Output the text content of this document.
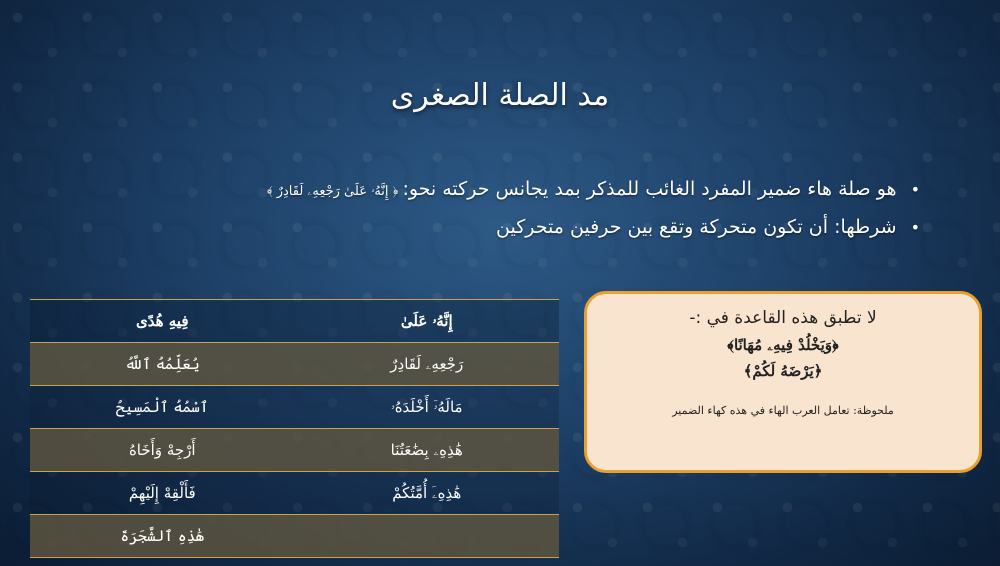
مد الصلة الصغرى
•
هو صلة هاء ضمير المفرد الغائب للمذكر بمد يجانس حركته نحو:
﴿ إِنَّهُۥ عَلَىٰ رَجْعِهِۦ لَقَادِرٌ ﴾
•
شرطها: أن تكون متحركة وتقع بين حرفين متحركين
إِنَّهُۥ عَلَىٰ	فِيهِ هُدًى
رَجْعِهِۦ لَقَادِرٌ	يُعَلِّمُهُ ٱللَّهُ
مَالَهُۥٓ أَخْلَدَهُۥ	ٱسْمُهُ ٱلْمَسِيحُ
هَٰذِهِۦ بِضَٰعَتُنَا	أَرْجِهْ وَأَخَاهُ
هَٰذِهِۦٓ أُمَّتُكُمْ	فَأَلْقِهْ إِلَيْهِمْ
	هَٰذِهِ ٱلشَّجَرَةَ
لا تطبق هذه القاعدة في :-
﴿وَيَخْلُدْ فِيهِۦ مُهَانًا﴾
﴿يَرْضَهُ لَكُمْ﴾
ملحوظة: تعامل العرب الهاء في هذه كهاء الضمير
